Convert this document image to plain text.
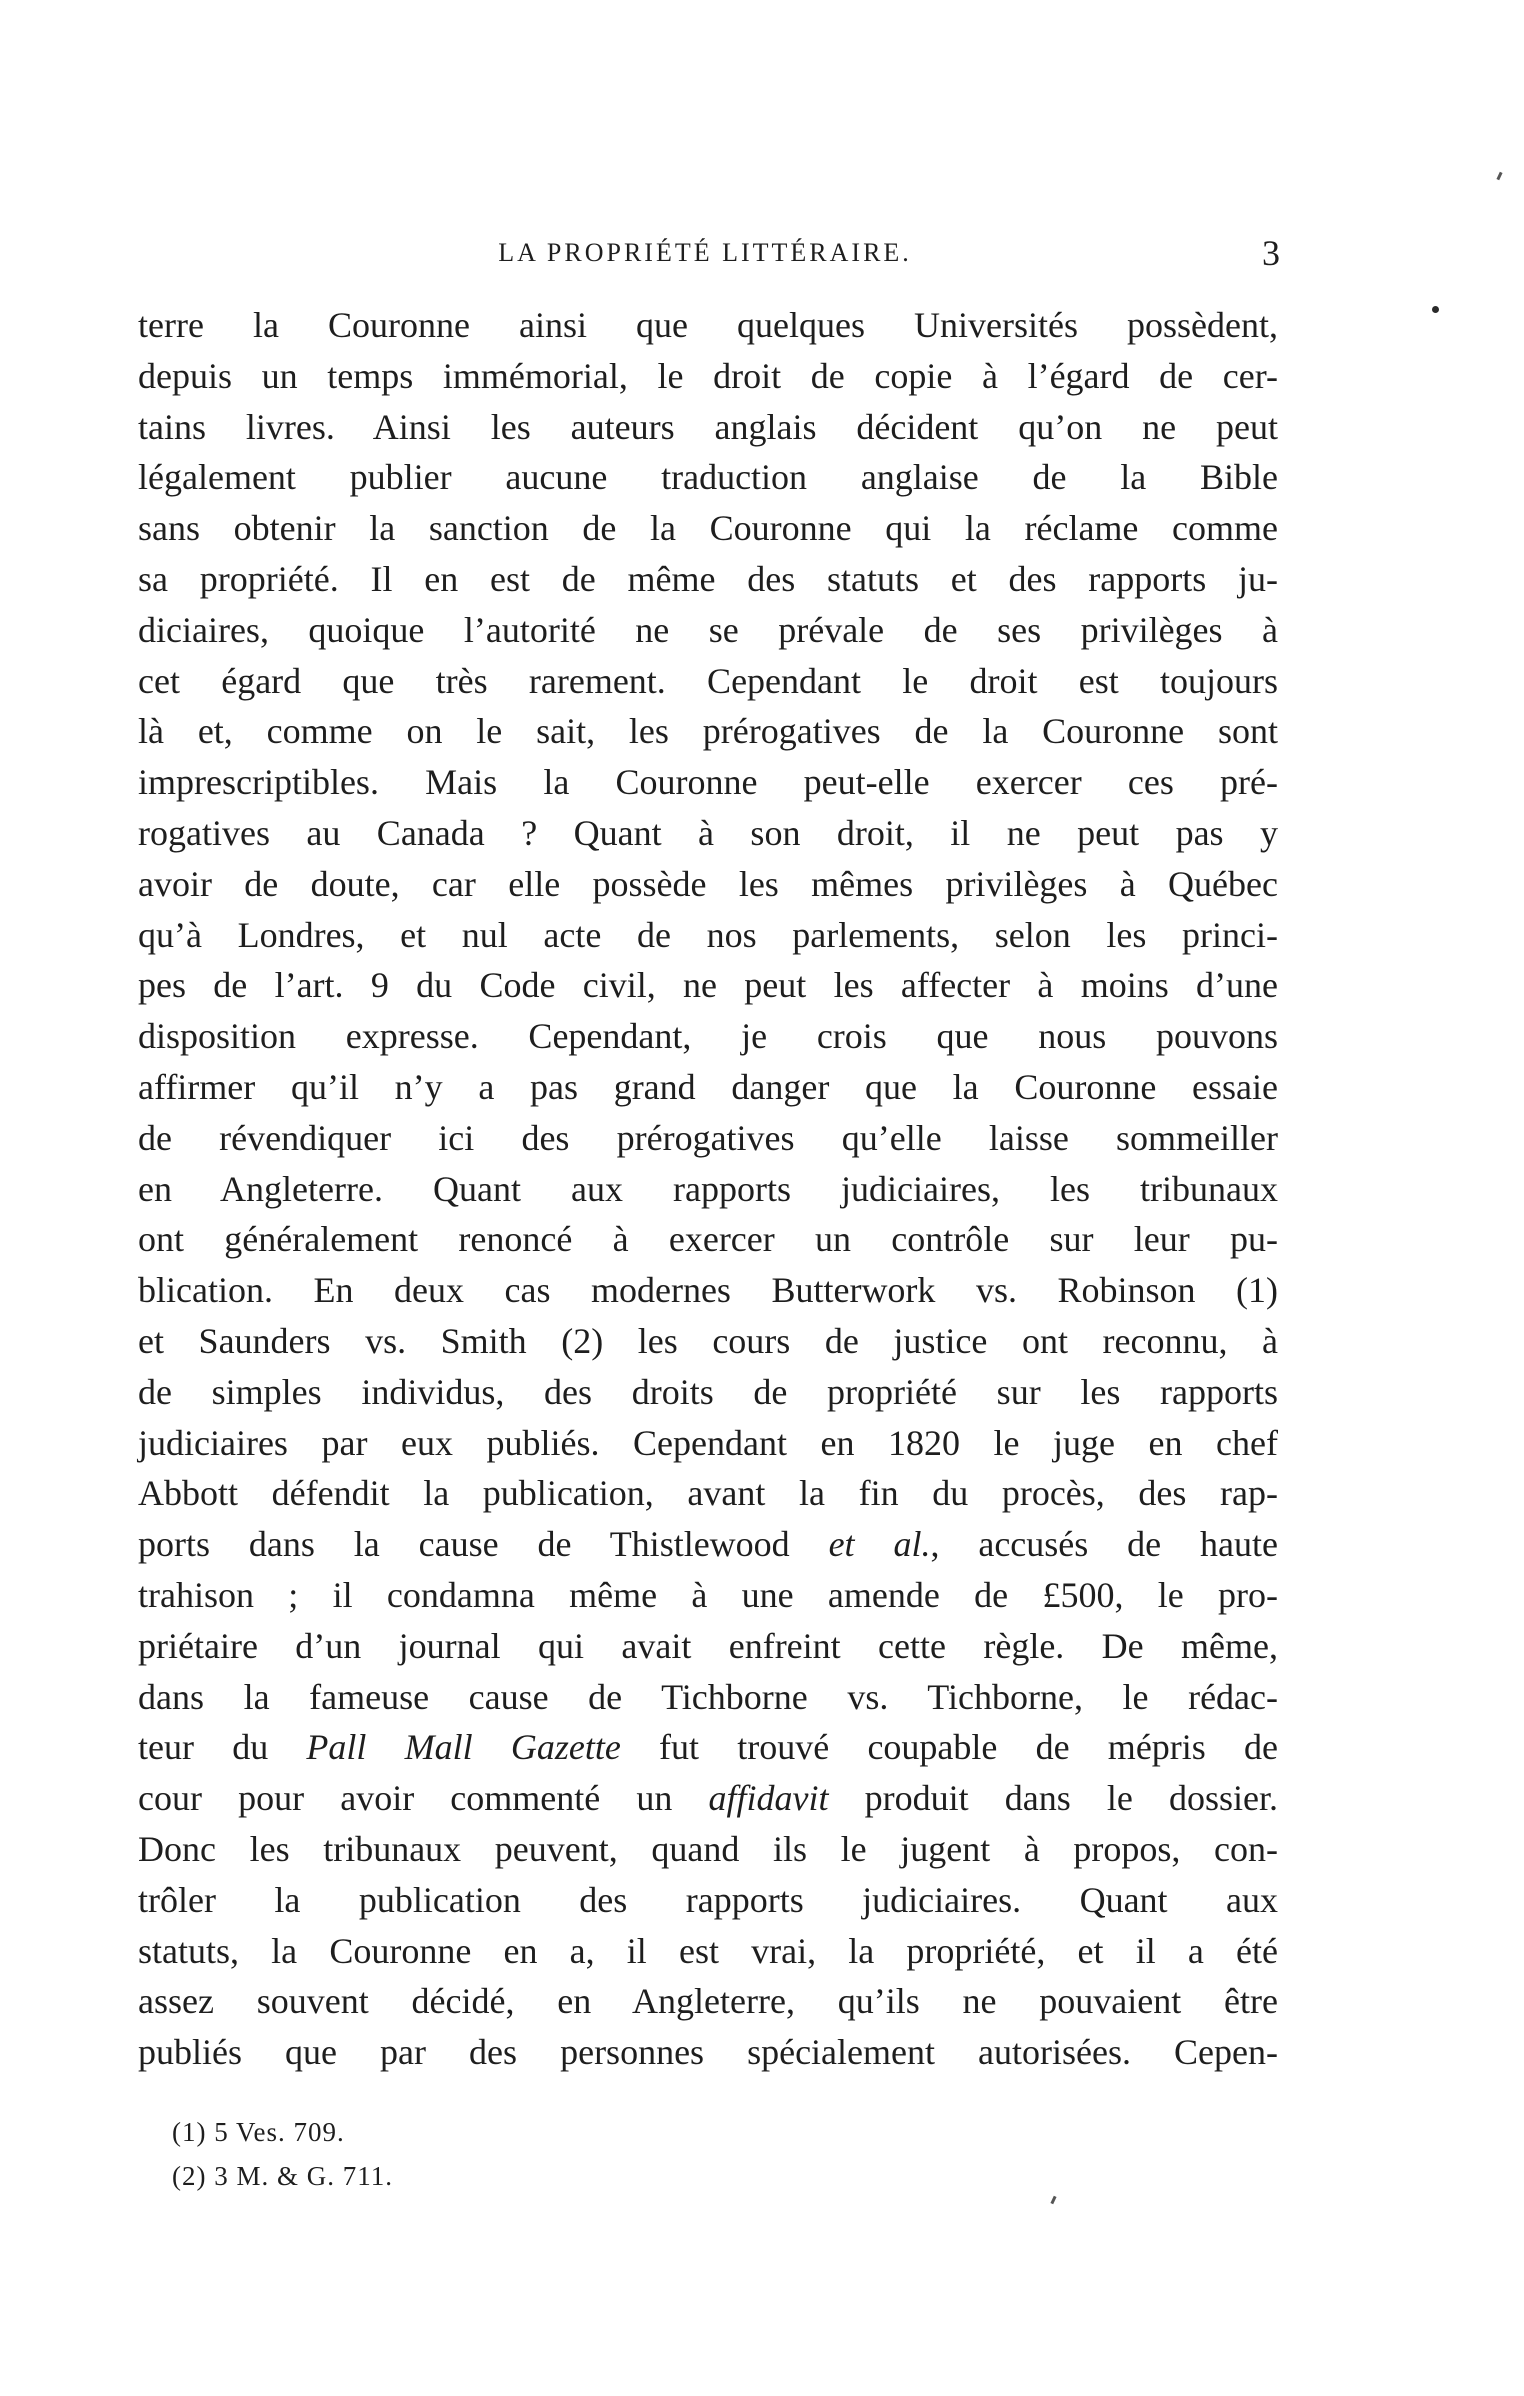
LA PROPRIÉTÉ LITTÉRAIRE.	3
terre la Couronne ainsi que quelques Universités possèdent,
depuis un temps immémorial, le droit de copie à l’égard de cer-
tains livres. Ainsi les auteurs anglais décident qu’on ne peut
légalement publier aucune traduction anglaise de la Bible
sans obtenir la sanction de la Couronne qui la réclame comme
sa propriété. Il en est de même des statuts et des rapports ju-
diciaires, quoique l’autorité ne se prévale de ses privilèges à
cet égard que très rarement. Cependant le droit est toujours
là et, comme on le sait, les prérogatives de la Couronne sont
imprescriptibles. Mais la Couronne peut-elle exercer ces pré-
rogatives au Canada ? Quant à son droit, il ne peut pas y
avoir de doute, car elle possède les mêmes privilèges à Québec
qu’à Londres, et nul acte de nos parlements, selon les princi-
pes de l’art. 9 du Code civil, ne peut les affecter à moins d’une
disposition expresse. Cependant, je crois que nous pouvons
affirmer qu’il n’y a pas grand danger que la Couronne essaie
de révendiquer ici des prérogatives qu’elle laisse sommeiller
en Angleterre. Quant aux rapports judiciaires, les tribunaux
ont généralement renoncé à exercer un contrôle sur leur pu-
blication. En deux cas modernes Butterwork vs. Robinson (1)
et Saunders vs. Smith (2) les cours de justice ont reconnu, à
de simples individus, des droits de propriété sur les rapports
judiciaires par eux publiés. Cependant en 1820 le juge en chef
Abbott défendit la publication, avant la fin du procès, des rap-
ports dans la cause de Thistlewood et al., accusés de haute
trahison ; il condamna même à une amende de £500, le pro-
priétaire d’un journal qui avait enfreint cette règle. De même,
dans la fameuse cause de Tichborne vs. Tichborne, le rédac-
teur du Pall Mall Gazette fut trouvé coupable de mépris de
cour pour avoir commenté un affidavit produit dans le dossier.
Donc les tribunaux peuvent, quand ils le jugent à propos, con-
trôler la publication des rapports judiciaires. Quant aux
statuts, la Couronne en a, il est vrai, la propriété, et il a été
assez souvent décidé, en Angleterre, qu’ils ne pouvaient être
publiés que par des personnes spécialement autorisées. Cepen-
(1) 5 Ves. 709.
(2) 3 M. & G. 711.
